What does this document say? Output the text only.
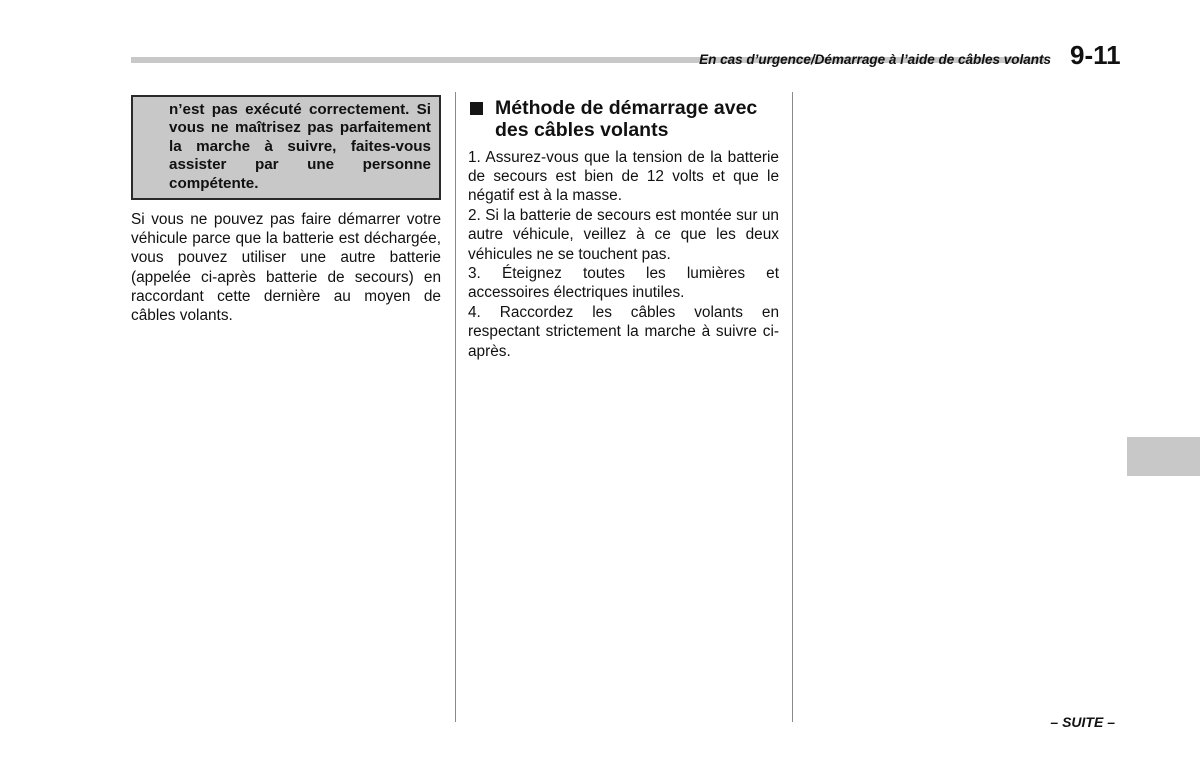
En cas d’urgence/Démarrage à l’aide de câbles volants 9-11
n’est pas exécuté correctement. Si vous ne maîtrisez pas parfaitement la marche à suivre, faites-vous assister par une personne compétente.
Si vous ne pouvez pas faire démarrer votre véhicule parce que la batterie est déchargée, vous pouvez utiliser une autre batterie (appelée ci-après batterie de secours) en raccordant cette dernière au moyen de câbles volants.
Méthode de démarrage avec des câbles volants
1. Assurez-vous que la tension de la batterie de secours est bien de 12 volts et que le négatif est à la masse.
2. Si la batterie de secours est montée sur un autre véhicule, veillez à ce que les deux véhicules ne se touchent pas.
3. Éteignez toutes les lumières et accessoires électriques inutiles.
4. Raccordez les câbles volants en respectant strictement la marche à suivre ci-après.
– SUITE –
